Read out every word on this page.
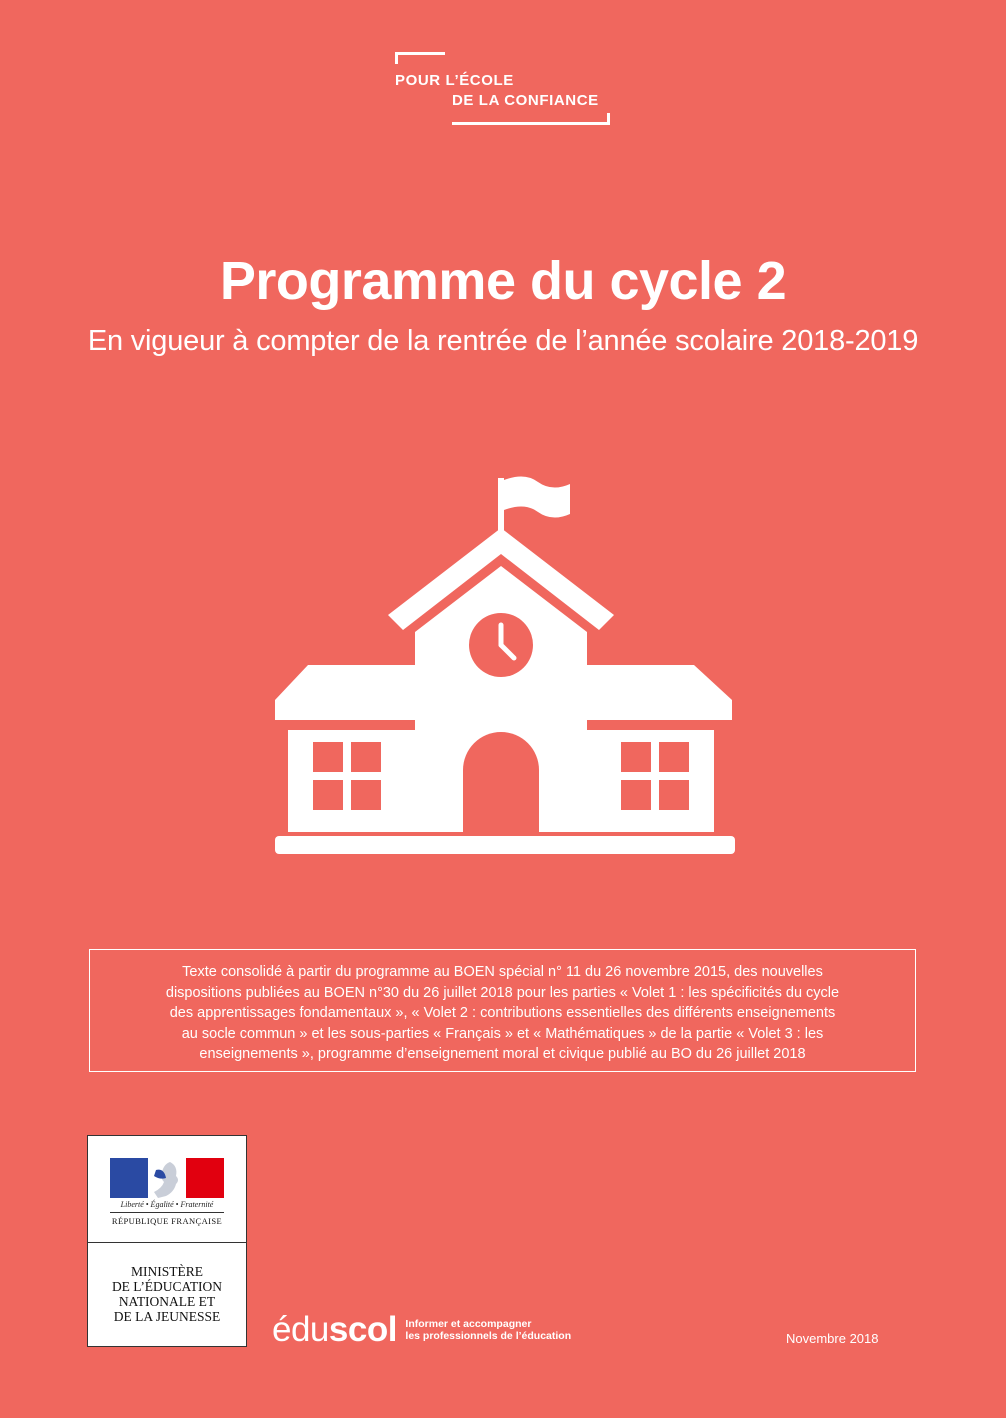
POUR L’ÉCOLE
DE LA CONFIANCE
Programme du cycle 2
En vigueur à compter de la rentrée de l’année scolaire 2018-2019
Texte consolidé à partir du programme au BOEN spécial n° 11 du 26 novembre 2015, des nouvelles
dispositions publiées au BOEN n°30 du 26 juillet 2018 pour les parties « Volet 1 : les spécificités du cycle
des apprentissages fondamentaux », « Volet 2 : contributions essentielles des différents enseignements
au socle commun » et les sous-parties « Français » et « Mathématiques » de la partie « Volet 3 : les
enseignements », programme d’enseignement moral et civique publié au BO du 26 juillet 2018
Liberté • Égalité • Fraternité
RÉPUBLIQUE FRANÇAISE
MINISTÈRE
DE L’ÉDUCATION
NATIONALE ET
DE LA JEUNESSE	éduscol Informer et accompagner
les professionnels de l’éducation	Novembre 2018
